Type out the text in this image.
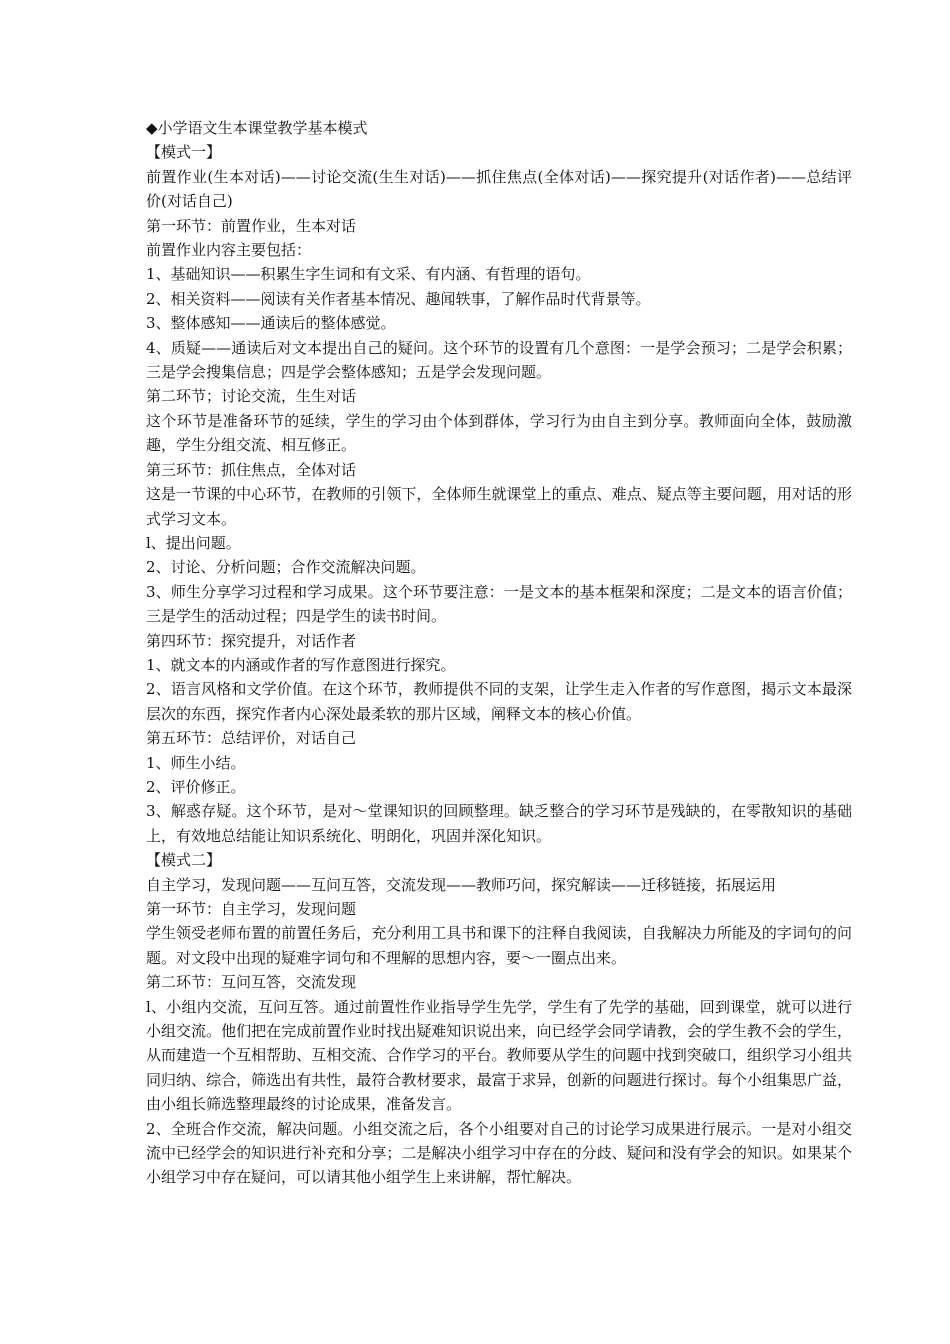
◆小学语文生本课堂教学基本模式

【模式一】

前置作业(生本对话)——讨论交流(生生对话)——抓住焦点(全体对话)——探究提升(对话作者)——总结评价(对话自己)

第一环节：前置作业，生本对话

前置作业内容主要包括：

1、基础知识——积累生字生词和有文采、有内涵、有哲理的语句。

2、相关资料——阅读有关作者基本情况、趣闻轶事，了解作品时代背景等。

3、整体感知——通读后的整体感觉。

4、质疑——通读后对文本提出自己的疑问。这个环节的设置有几个意图：一是学会预习；二是学会积累；三是学会搜集信息；四是学会整体感知；五是学会发现问题。

第二环节；讨论交流，生生对话

这个环节是准备环节的延续，学生的学习由个体到群体，学习行为由自主到分享。教师面向全体，鼓励激趣，学生分组交流、相互修正。

第三环节：抓住焦点，全体对话

这是一节课的中心环节，在教师的引领下，全体师生就课堂上的重点、难点、疑点等主要问题，用对话的形式学习文本。

l、提出问题。

2、讨论、分析问题；合作交流解决问题。

3、师生分享学习过程和学习成果。这个环节要注意：一是文本的基本框架和深度；二是文本的语言价值；三是学生的活动过程；四是学生的读书时间。

第四环节：探究提升，对话作者

1、就文本的内涵或作者的写作意图进行探究。

2、语言风格和文学价值。在这个环节，教师提供不同的支架，让学生走入作者的写作意图，揭示文本最深层次的东西，探究作者内心深处最柔软的那片区域，阐释文本的核心价值。

第五环节：总结评价，对话自己

1、师生小结。

2、评价修正。

3、解惑存疑。这个环节，是对～堂课知识的回顾整理。缺乏整合的学习环节是残缺的，在零散知识的基础上，有效地总结能让知识系统化、明朗化，巩固并深化知识。

【模式二】

自主学习，发现问题——互问互答，交流发现——教师巧问，探究解读——迁移链接，拓展运用

第一环节：自主学习，发现问题

学生领受老师布置的前置任务后，充分利用工具书和课下的注释自我阅读，自我解决力所能及的字词句的问题。对文段中出现的疑难字词句和不理解的思想内容，要～一圈点出来。

第二环节：互问互答，交流发现

l、小组内交流，互问互答。通过前置性作业指导学生先学，学生有了先学的基础，回到课堂，就可以进行小组交流。他们把在完成前置作业时找出疑难知识说出来，向已经学会同学请教，会的学生教不会的学生，从而建造一个互相帮助、互相交流、合作学习的平台。教师要从学生的问题中找到突破口，组织学习小组共同归纳、综合，筛选出有共性，最符合教材要求，最富于求异，创新的问题进行探讨。每个小组集思广益，由小组长筛选整理最终的讨论成果，准备发言。

2、全班合作交流，解决问题。小组交流之后，各个小组要对自己的讨论学习成果进行展示。一是对小组交流中已经学会的知识进行补充和分享；二是解决小组学习中存在的分歧、疑问和没有学会的知识。如果某个小组学习中存在疑问，可以请其他小组学生上来讲解，帮忙解决。
